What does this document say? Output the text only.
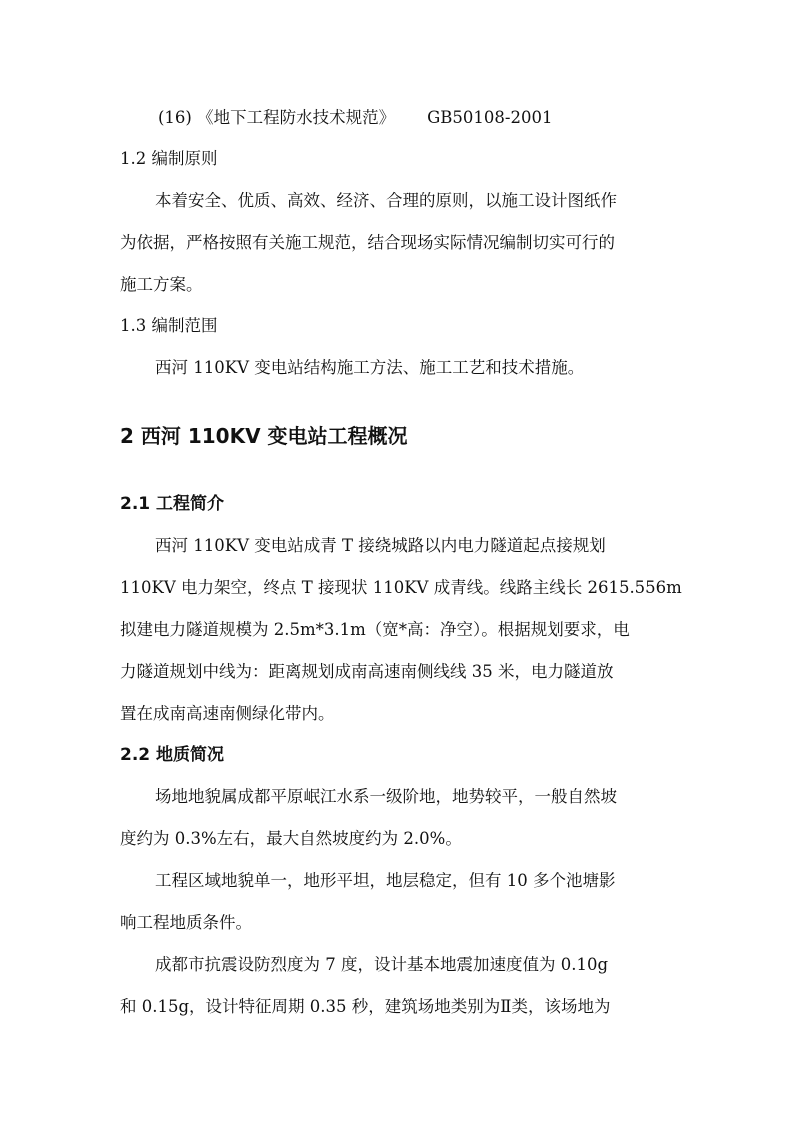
(16) 《地下工程防水技术规范》 GB50108-2001
1.2 编制原则
本着安全、优质、高效、经济、合理的原则，以施工设计图纸作
为依据，严格按照有关施工规范，结合现场实际情况编制切实可行的
施工方案。
1.3 编制范围
西河 110KV 变电站结构施工方法、施工工艺和技术措施。
2 西河 110KV 变电站工程概况
2.1 工程简介
西河 110KV 变电站成青 T 接绕城路以内电力隧道起点接规划
110KV 电力架空，终点 T 接现状 110KV 成青线。线路主线长 2615.556m
拟建电力隧道规模为 2.5m*3.1m（宽*高：净空）。根据规划要求，电
力隧道规划中线为：距离规划成南高速南侧线线 35 米，电力隧道放
置在成南高速南侧绿化带内。
2.2 地质简况
场地地貌属成都平原岷江水系一级阶地，地势较平，一般自然坡
度约为 0.3%左右，最大自然坡度约为 2.0%。
工程区域地貌单一，地形平坦，地层稳定，但有 10 多个池塘影
响工程地质条件。
成都市抗震设防烈度为 7 度，设计基本地震加速度值为 0.10g
和 0.15g，设计特征周期 0.35 秒，建筑场地类别为Ⅱ类，该场地为
